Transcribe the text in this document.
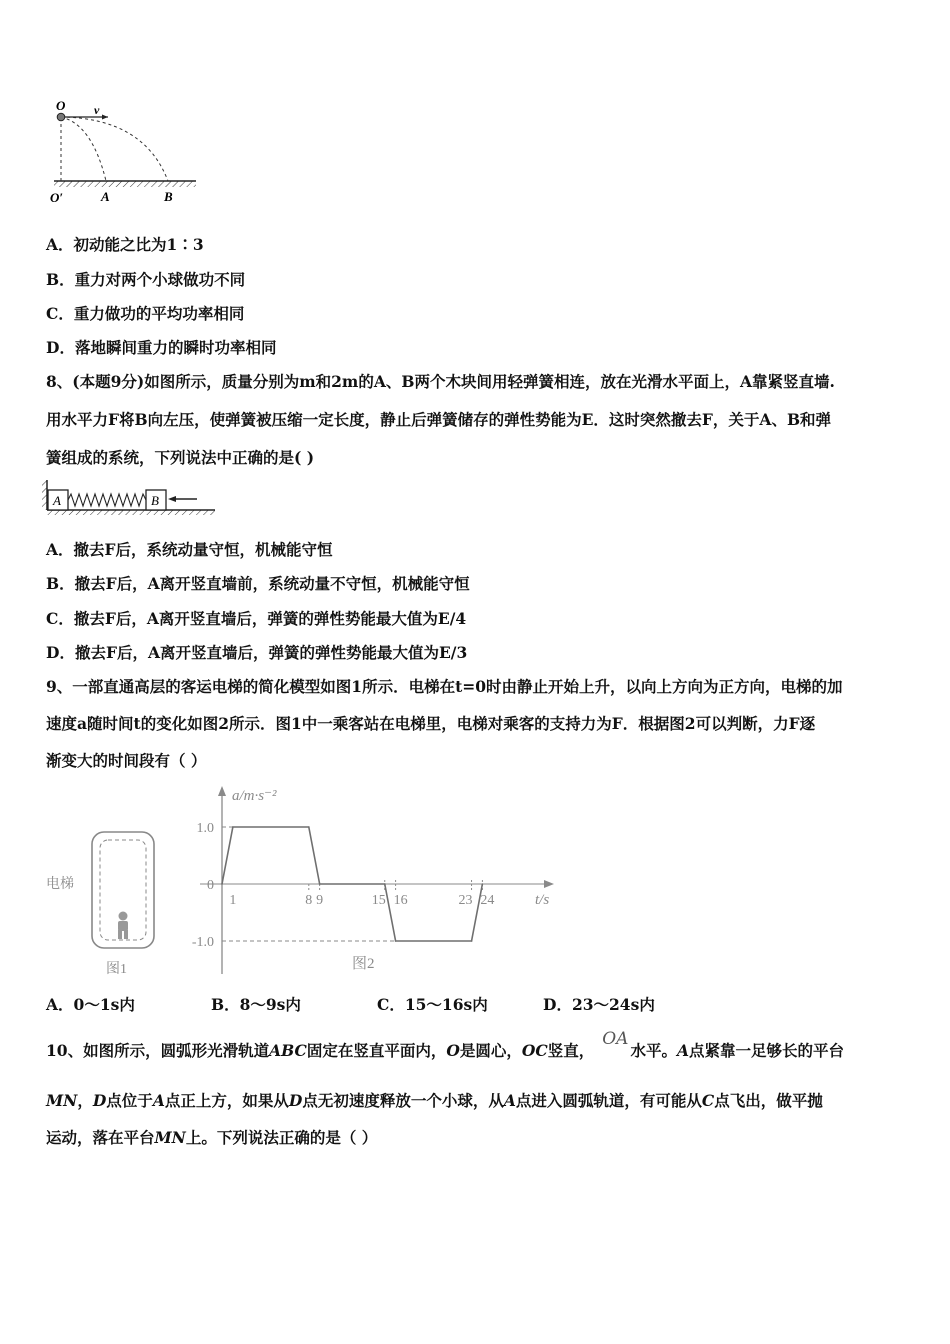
O v
O′	A	B
A．初动能之比为1∶3
B．重力对两个小球做功不同
C．重力做功的平均功率相同
D．落地瞬间重力的瞬时功率相同
8、(本题9分)如图所示，质量分别为m和2m的A、B两个木块间用轻弹簧相连，放在光滑水平面上，A靠紧竖直墙.
用水平力F将B向左压，使弹簧被压缩一定长度，静止后弹簧储存的弹性势能为E．这时突然撤去F，关于A、B和弹
簧组成的系统，下列说法中正确的是( )
A	B
A．撤去F后，系统动量守恒，机械能守恒
B．撤去F后，A离开竖直墙前，系统动量不守恒，机械能守恒
C．撤去F后，A离开竖直墙后，弹簧的弹性势能最大值为E/4
D．撤去F后，A离开竖直墙后，弹簧的弹性势能最大值为E/3
9、一部直通高层的客运电梯的简化模型如图1所示．电梯在t=0时由静止开始上升，以向上方向为正方向，电梯的加
速度a随时间t的变化如图2所示．图1中一乘客站在电梯里，电梯对乘客的支持力为F．根据图2可以判断，力F逐
渐变大的时间段有（ ）
电梯
图1
a/m·s⁻²
t/s
1.0
0
-1.0
1	8 9	15 16	23 24
图2
A．0～1s内	B．8～9s内	C．15～16s内	D．23～24s内
10、如图所示，圆弧形光滑轨道ABC固定在竖直平面内，O是圆心，OC竖直，OA水平。A点紧靠一足够长的平台
MN，D点位于A点正上方，如果从D点无初速度释放一个小球，从A点进入圆弧轨道，有可能从C点飞出，做平抛
运动，落在平台MN上。下列说法正确的是（ ）
